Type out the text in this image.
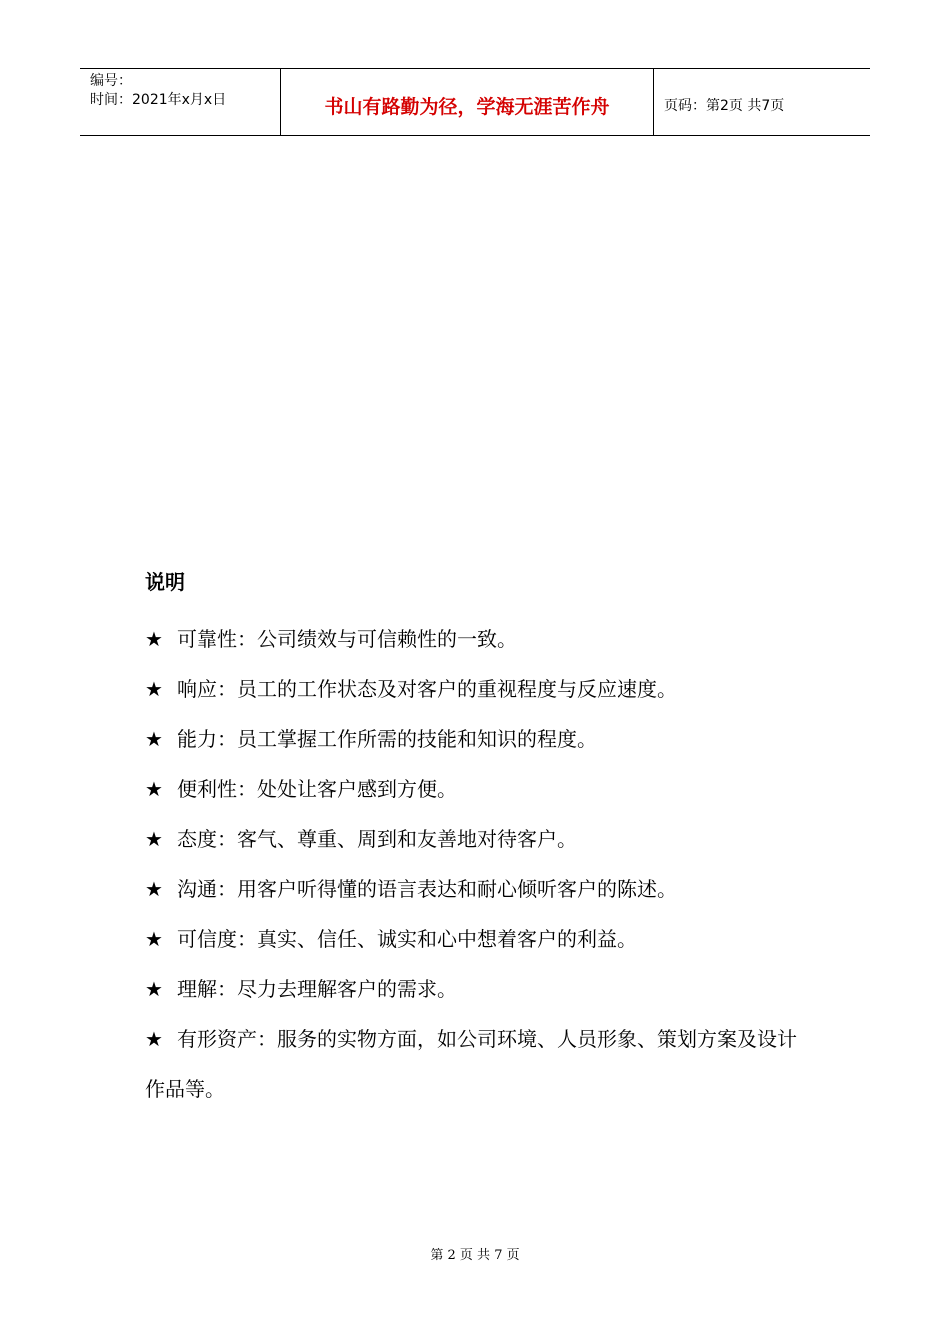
编号：
时间：2021年x月x日	书山有路勤为径，学海无涯苦作舟	页码：第2页 共7页
说明
★ 可靠性：公司绩效与可信赖性的一致。
★ 响应：员工的工作状态及对客户的重视程度与反应速度。
★ 能力：员工掌握工作所需的技能和知识的程度。
★ 便利性：处处让客户感到方便。
★ 态度：客气、尊重、周到和友善地对待客户。
★ 沟通：用客户听得懂的语言表达和耐心倾听客户的陈述。
★ 可信度：真实、信任、诚实和心中想着客户的利益。
★ 理解：尽力去理解客户的需求。
★ 有形资产：服务的实物方面，如公司环境、人员形象、策划方案及设计作品等。
第 2 页 共 7 页
